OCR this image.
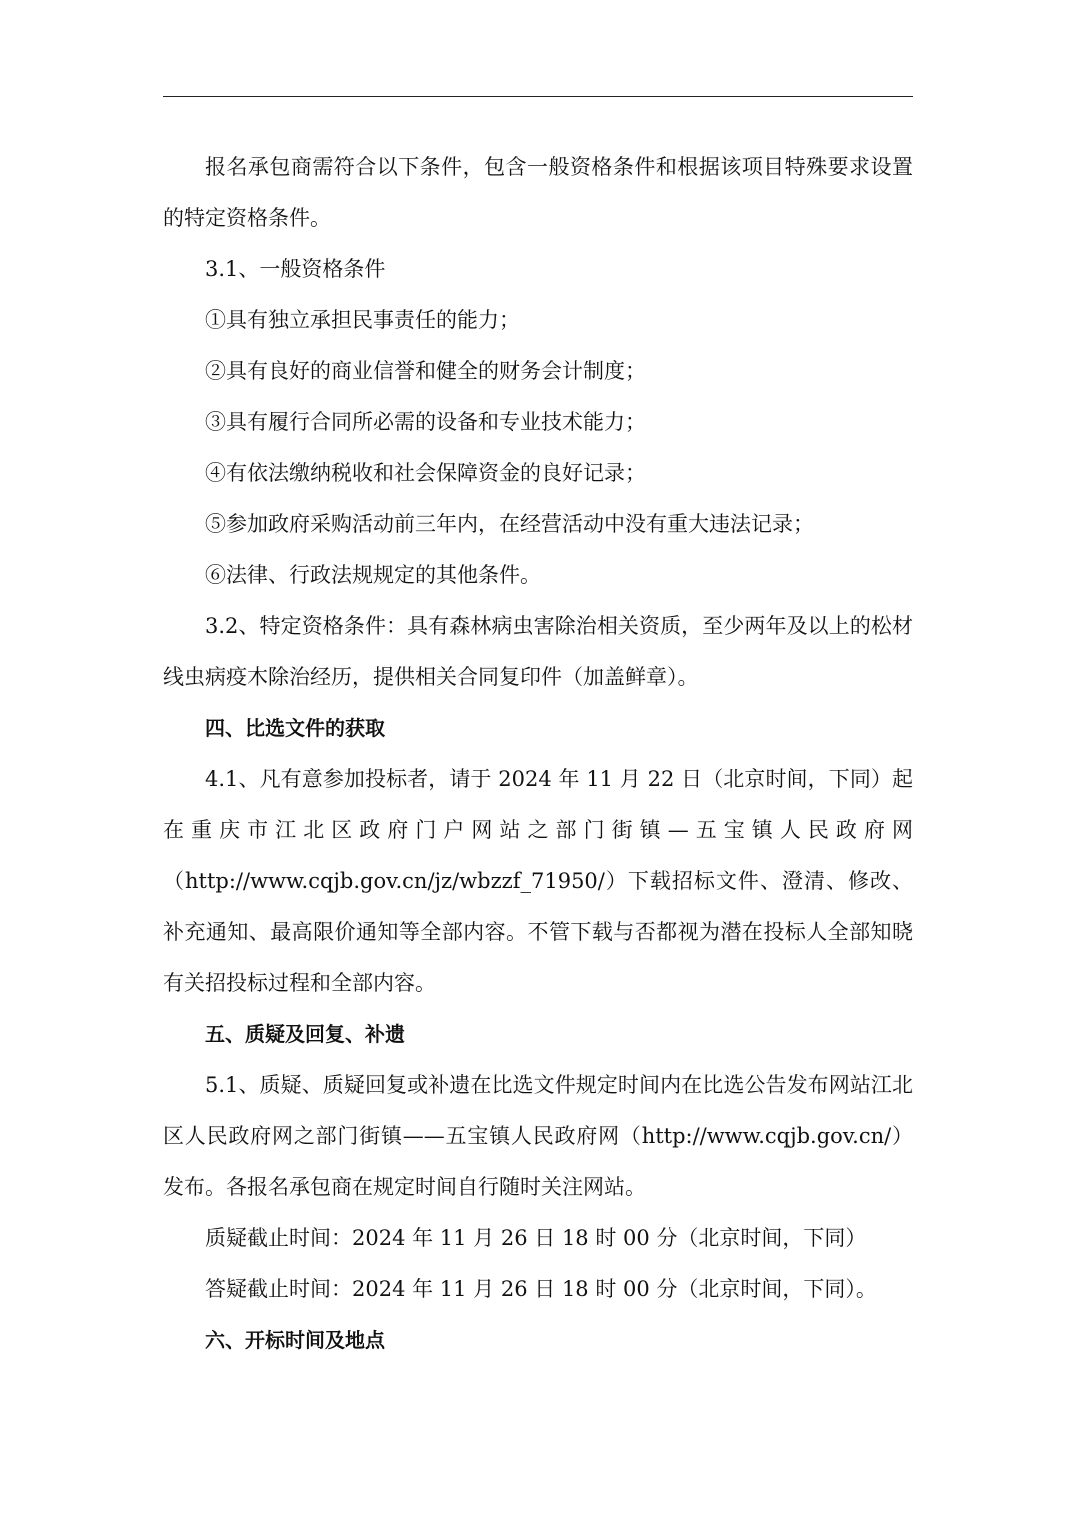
报名承包商需符合以下条件，包含一般资格条件和根据该项目特殊要求设置的特定资格条件。

3.1、一般资格条件

①具有独立承担民事责任的能力；

②具有良好的商业信誉和健全的财务会计制度；

③具有履行合同所必需的设备和专业技术能力；

④有依法缴纳税收和社会保障资金的良好记录；

⑤参加政府采购活动前三年内，在经营活动中没有重大违法记录；

⑥法律、行政法规规定的其他条件。

3.2、特定资格条件：具有森林病虫害除治相关资质，至少两年及以上的松材线虫病疫木除治经历，提供相关合同复印件（加盖鲜章）。

四、比选文件的获取

4.1、凡有意参加投标者，请于 2024 年 11 月 22 日（北京时间，下同）起在重庆市江北区政府门户网站之部门街镇—五宝镇人民政府网（http://www.cqjb.gov.cn/jz/wbzzf_71950/）下载招标文件、澄清、修改、补充通知、最高限价通知等全部内容。不管下载与否都视为潜在投标人全部知晓有关招投标过程和全部内容。

五、质疑及回复、补遗

5.1、质疑、质疑回复或补遗在比选文件规定时间内在比选公告发布网站江北区人民政府网之部门街镇——五宝镇人民政府网（http://www.cqjb.gov.cn/）发布。各报名承包商在规定时间自行随时关注网站。

质疑截止时间：2024 年 11 月 26 日 18 时 00 分（北京时间，下同）

答疑截止时间：2024 年 11 月 26 日 18 时 00 分（北京时间，下同）。

六、开标时间及地点
